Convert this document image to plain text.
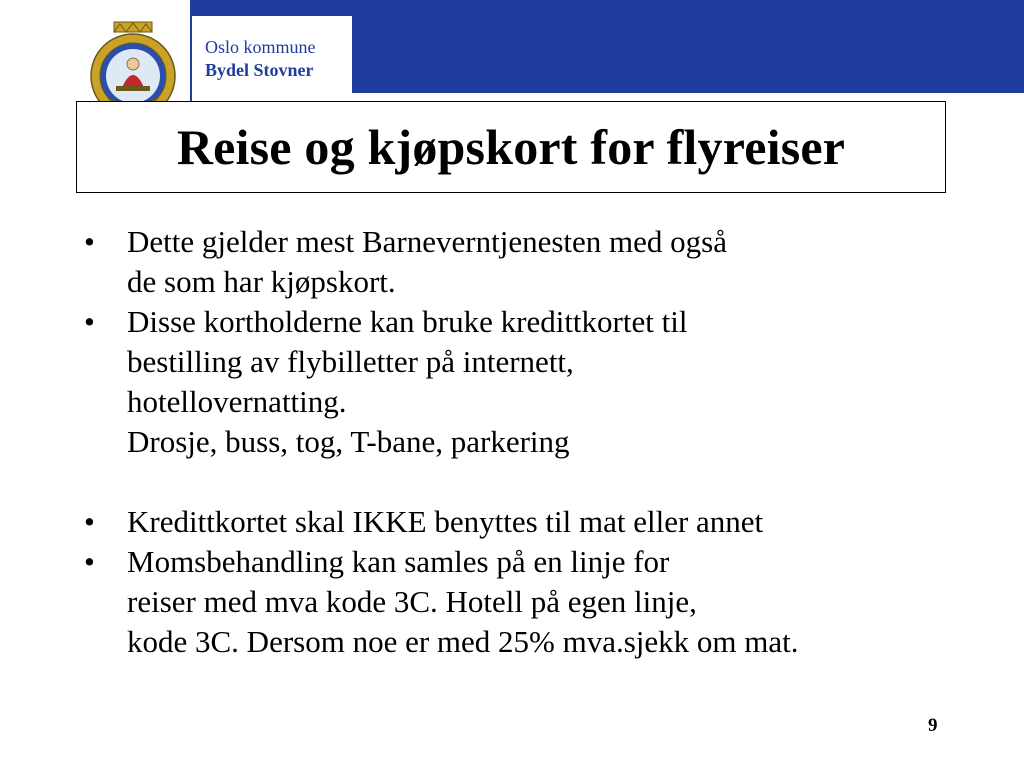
Oslo kommune
Bydel Stovner
Reise og kjøpskort for flyreiser
• Dette gjelder mest Barneverntjenesten med også
de som har kjøpskort.
• Disse kortholderne kan bruke kredittkortet til
bestilling av flybilletter på internett,
hotellovernatting.
Drosje, buss, tog, T-bane, parkering
• Kredittkortet skal IKKE benyttes til mat eller annet
• Momsbehandling kan samles på en linje for
reiser med mva kode 3C. Hotell på egen linje,
kode 3C. Dersom noe er med 25% mva.sjekk om mat.
9
